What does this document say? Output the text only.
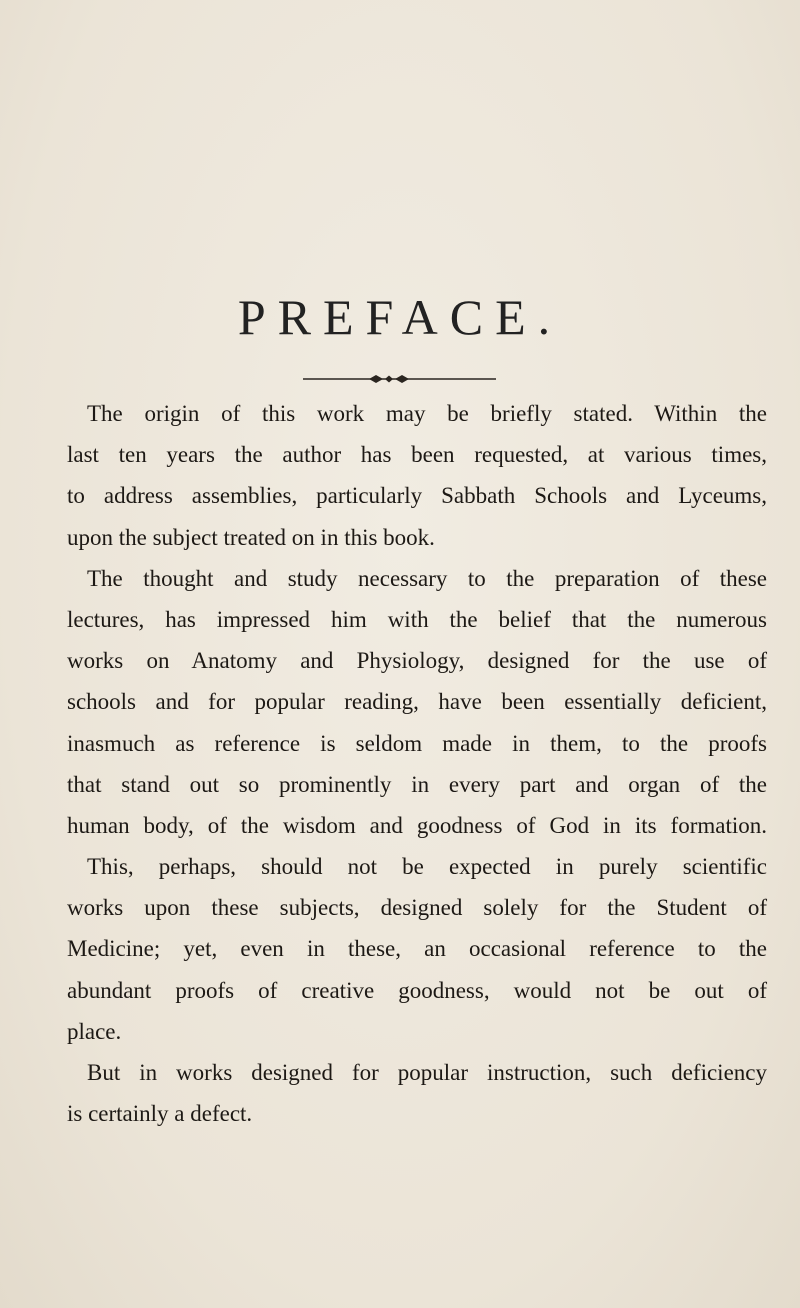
PREFACE.
The origin of this work may be briefly stated. Within the
last ten years the author has been requested, at various times,
to address assemblies, particularly Sabbath Schools and Lyceums,
upon the subject treated on in this book.
The thought and study necessary to the preparation of these
lectures, has impressed him with the belief that the numerous
works on Anatomy and Physiology, designed for the use of
schools and for popular reading, have been essentially deficient,
inasmuch as reference is seldom made in them, to the proofs
that stand out so prominently in every part and organ of the
human body, of the wisdom and goodness of God in its formation.
This, perhaps, should not be expected in purely scientific
works upon these subjects, designed solely for the Student of
Medicine; yet, even in these, an occasional reference to the
abundant proofs of creative goodness, would not be out of
place.
But in works designed for popular instruction, such deficiency
is certainly a defect.
